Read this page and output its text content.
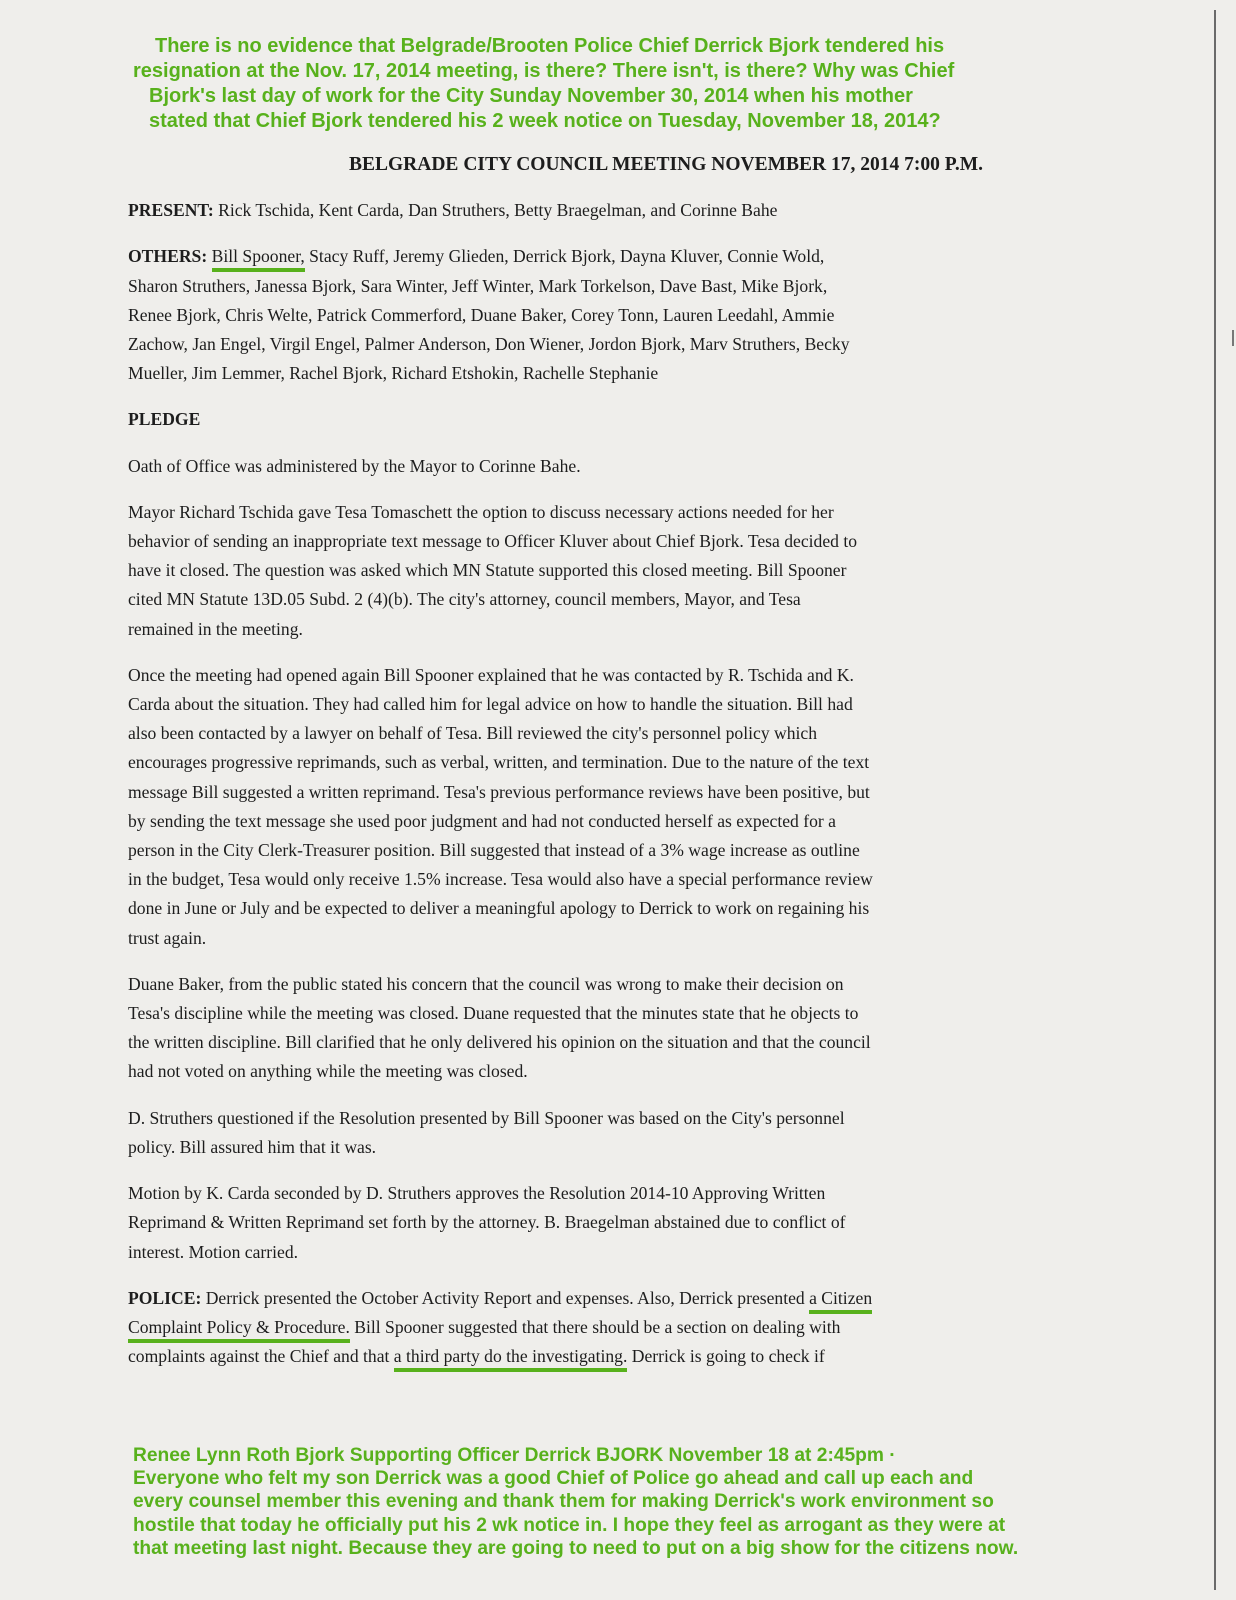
There is no evidence that Belgrade/Brooten Police Chief Derrick Bjork tendered his
resignation at the Nov. 17, 2014 meeting, is there? There isn't, is there? Why was Chief
Bjork's last day of work for the City Sunday November 30, 2014 when his mother
stated that Chief Bjork tendered his 2 week notice on Tuesday, November 18, 2014?
BELGRADE CITY COUNCIL MEETING NOVEMBER 17, 2014 7:00 P.M.
PRESENT: Rick Tschida, Kent Carda, Dan Struthers, Betty Braegelman, and Corinne Bahe
OTHERS: Bill Spooner, Stacy Ruff, Jeremy Glieden, Derrick Bjork, Dayna Kluver, Connie Wold,
Sharon Struthers, Janessa Bjork, Sara Winter, Jeff Winter, Mark Torkelson, Dave Bast, Mike Bjork,
Renee Bjork, Chris Welte, Patrick Commerford, Duane Baker, Corey Tonn, Lauren Leedahl, Ammie
Zachow, Jan Engel, Virgil Engel, Palmer Anderson, Don Wiener, Jordon Bjork, Marv Struthers, Becky
Mueller, Jim Lemmer, Rachel Bjork, Richard Etshokin, Rachelle Stephanie
PLEDGE
Oath of Office was administered by the Mayor to Corinne Bahe.
Mayor Richard Tschida gave Tesa Tomaschett the option to discuss necessary actions needed for her
behavior of sending an inappropriate text message to Officer Kluver about Chief Bjork. Tesa decided to
have it closed. The question was asked which MN Statute supported this closed meeting. Bill Spooner
cited MN Statute 13D.05 Subd. 2 (4)(b). The city's attorney, council members, Mayor, and Tesa
remained in the meeting.
Once the meeting had opened again Bill Spooner explained that he was contacted by R. Tschida and K.
Carda about the situation. They had called him for legal advice on how to handle the situation. Bill had
also been contacted by a lawyer on behalf of Tesa. Bill reviewed the city's personnel policy which
encourages progressive reprimands, such as verbal, written, and termination. Due to the nature of the text
message Bill suggested a written reprimand. Tesa's previous performance reviews have been positive, but
by sending the text message she used poor judgment and had not conducted herself as expected for a
person in the City Clerk-Treasurer position. Bill suggested that instead of a 3% wage increase as outline
in the budget, Tesa would only receive 1.5% increase. Tesa would also have a special performance review
done in June or July and be expected to deliver a meaningful apology to Derrick to work on regaining his
trust again.
Duane Baker, from the public stated his concern that the council was wrong to make their decision on
Tesa's discipline while the meeting was closed. Duane requested that the minutes state that he objects to
the written discipline. Bill clarified that he only delivered his opinion on the situation and that the council
had not voted on anything while the meeting was closed.
D. Struthers questioned if the Resolution presented by Bill Spooner was based on the City's personnel
policy. Bill assured him that it was.
Motion by K. Carda seconded by D. Struthers approves the Resolution 2014-10 Approving Written
Reprimand & Written Reprimand set forth by the attorney. B. Braegelman abstained due to conflict of
interest. Motion carried.
POLICE: Derrick presented the October Activity Report and expenses. Also, Derrick presented a Citizen
Complaint Policy & Procedure. Bill Spooner suggested that there should be a section on dealing with
complaints against the Chief and that a third party do the investigating. Derrick is going to check if
Renee Lynn Roth Bjork Supporting Officer Derrick BJORK November 18 at 2:45pm ·
Everyone who felt my son Derrick was a good Chief of Police go ahead and call up each and
every counsel member this evening and thank them for making Derrick's work environment so
hostile that today he officially put his 2 wk notice in. I hope they feel as arrogant as they were at
that meeting last night. Because they are going to need to put on a big show for the citizens now.
